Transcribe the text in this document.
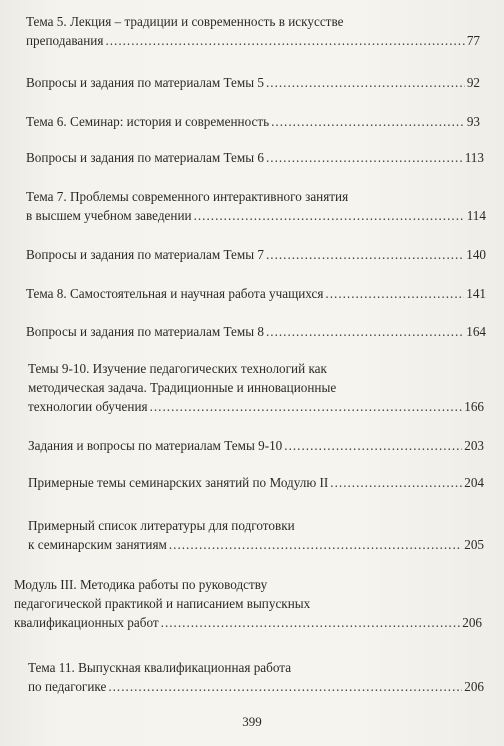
Тема 5. Лекция – традиции и современность в искусстве
преподавания .....	77
Вопросы и задания по материалам Темы 5 .....	92
Тема 6. Семинар: история и современность .....	93
Вопросы и задания по материалам Темы 6 .....	113
Тема 7. Проблемы современного интерактивного занятия
в высшем учебном заведении .....	114
Вопросы и задания по материалам Темы 7 .....	140
Тема 8. Самостоятельная и научная работа учащихся .....	141
Вопросы и задания по материалам Темы 8 .....	164
Темы 9-10. Изучение педагогических технологий как
методическая задача. Традиционные и инновационные
технологии обучения .....	166
Задания и вопросы по материалам Темы 9-10 .....	203
Примерные темы семинарских занятий по Модулю II .....	204
Примерный список литературы для подготовки
к семинарским занятиям .....	205
Модуль III. Методика работы по руководству
педагогической практикой и написанием выпускных
квалификационных работ .....	206
Тема 11. Выпускная квалификационная работа
по педагогике .....	206
399
